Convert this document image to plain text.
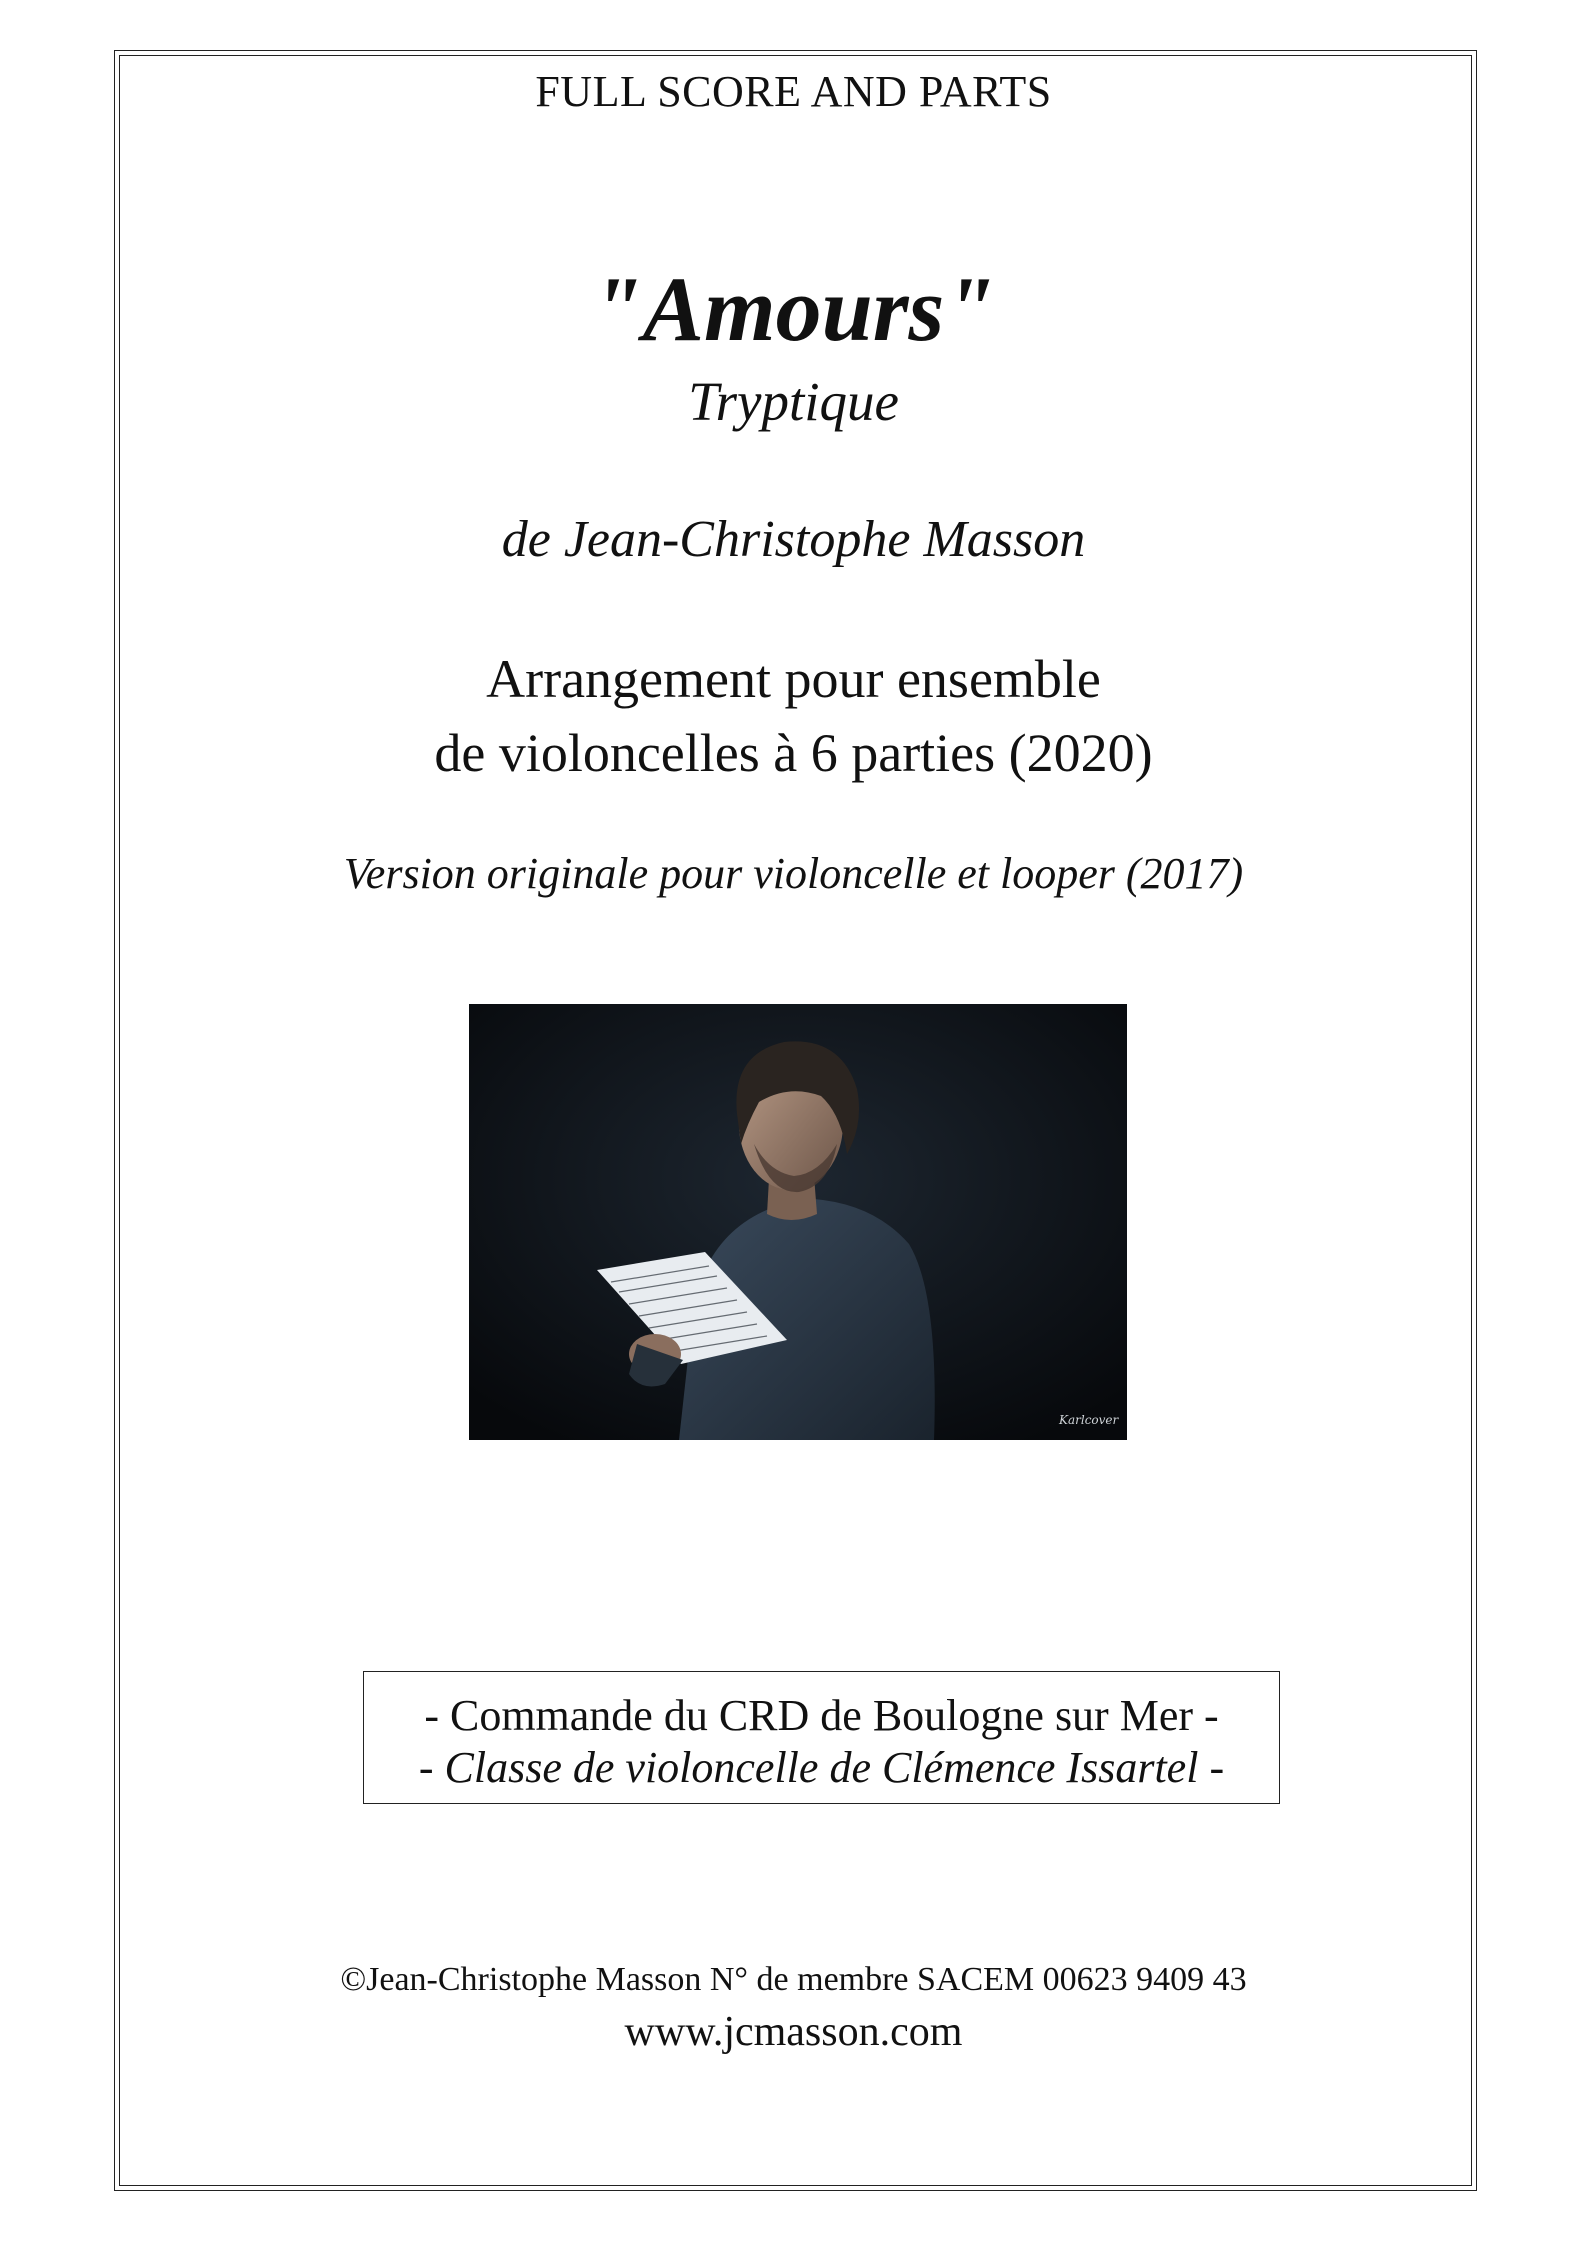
FULL SCORE AND PARTS

"Amours"

Tryptique

de Jean-Christophe Masson

Arrangement pour ensemble

de violoncelles à 6 parties (2020)

Version originale pour violoncelle et looper (2017)

Karlcover
- Commande du CRD de Boulogne sur Mer -
- Classe de violoncelle de Clémence Issartel -

©Jean-Christophe Masson N° de membre SACEM 00623 9409 43

www.jcmasson.com
